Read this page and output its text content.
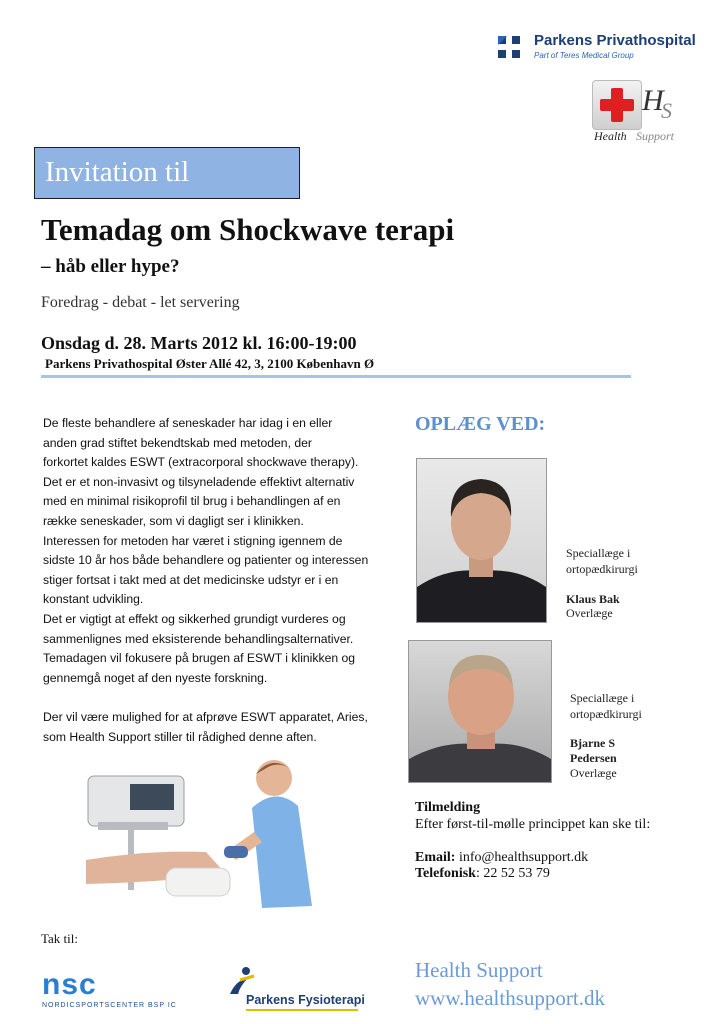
Parkens Privathospital
Part of Teres Medical Group
H
S
Health Support
Invitation til
Temadag om Shockwave terapi
– håb eller hype?
Foredrag - debat - let servering
Onsdag d. 28. Marts 2012 kl. 16:00-19:00
Parkens Privathospital Øster Allé 42, 3, 2100 København Ø

De fleste behandlere af seneskader har idag i en eller

anden grad stiftet bekendtskab med metoden, der

forkortet kaldes ESWT (extracorporal shockwave therapy).

Det er et non-invasivt og tilsyneladende effektivt alternativ

med en minimal risikoprofil til brug i behandlingen af en

række seneskader, som vi dagligt ser i klinikken.

Interessen for metoden har været i stigning igennem de

sidste 10 år hos både behandlere og patienter og interessen

stiger fortsat i takt med at det medicinske udstyr er i en

konstant udvikling.

Det er vigtigt at effekt og sikkerhed grundigt vurderes og

sammenlignes med eksisterende behandlingsalternativer.

Temadagen vil fokusere på brugen af ESWT i klinikken og

gennemgå noget af den nyeste forskning.

Der vil være mulighed for at afprøve ESWT apparatet, Aries,

som Health Support stiller til rådighed denne aften.

OPLÆG VED:
Speciallæge i
ortopædkirurgi
Klaus Bak
Overlæge
Speciallæge i
ortopædkirurgi
Bjarne S
Pedersen
Overlæge
Tilmelding
Efter først-til-mølle princippet kan ske til:
Email: info@healthsupport.dk
Telefonisk: 22 52 53 79
Tak til:
nsc
NORDICSPORTSCENTER BSP IC	Parkens Fysioterapi
Health Support
www.healthsupport.dk
